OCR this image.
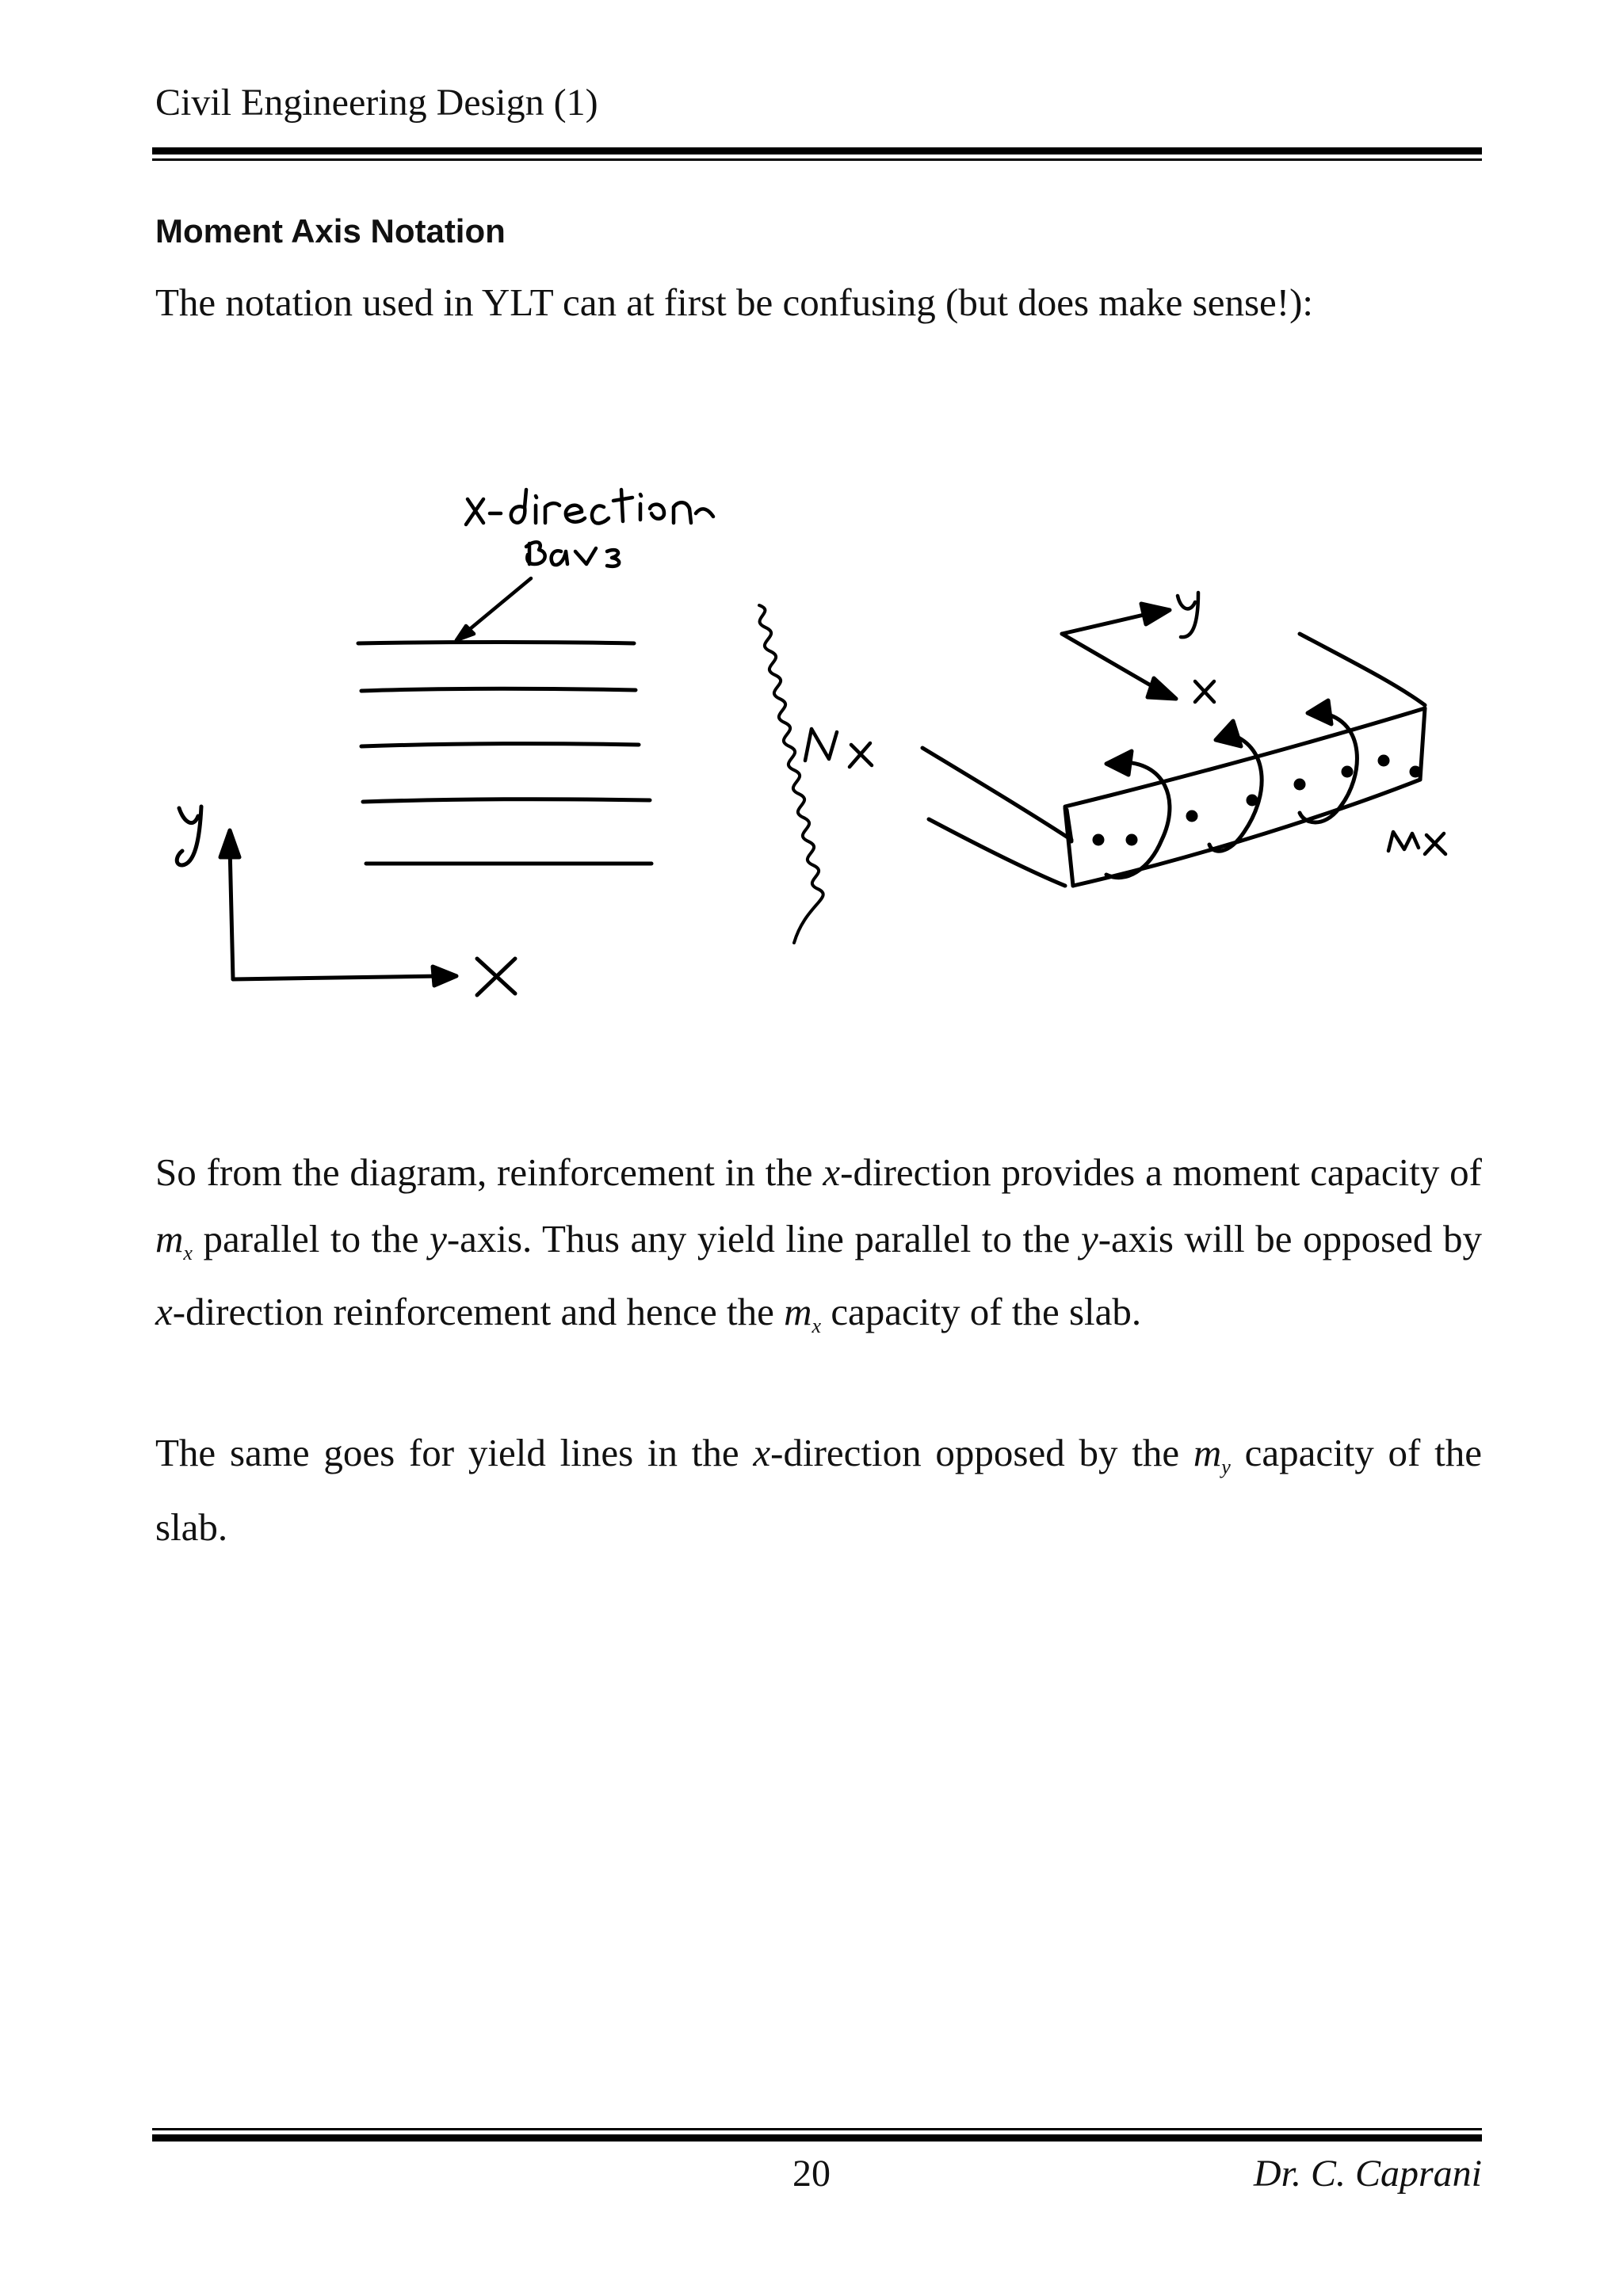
Civil Engineering Design (1)
Moment Axis Notation
The notation used in YLT can at first be confusing (but does make sense!):
So from the diagram, reinforcement in the x-direction provides a moment capacity of
$m_x$ parallel to the y-axis. Thus any yield line parallel to the y-axis will be opposed by
x-direction reinforcement and hence the $m_x$ capacity of the slab.
The same goes for yield lines in the x-direction opposed by the $m_y$ capacity of the
slab.
20	Dr. C. Caprani
